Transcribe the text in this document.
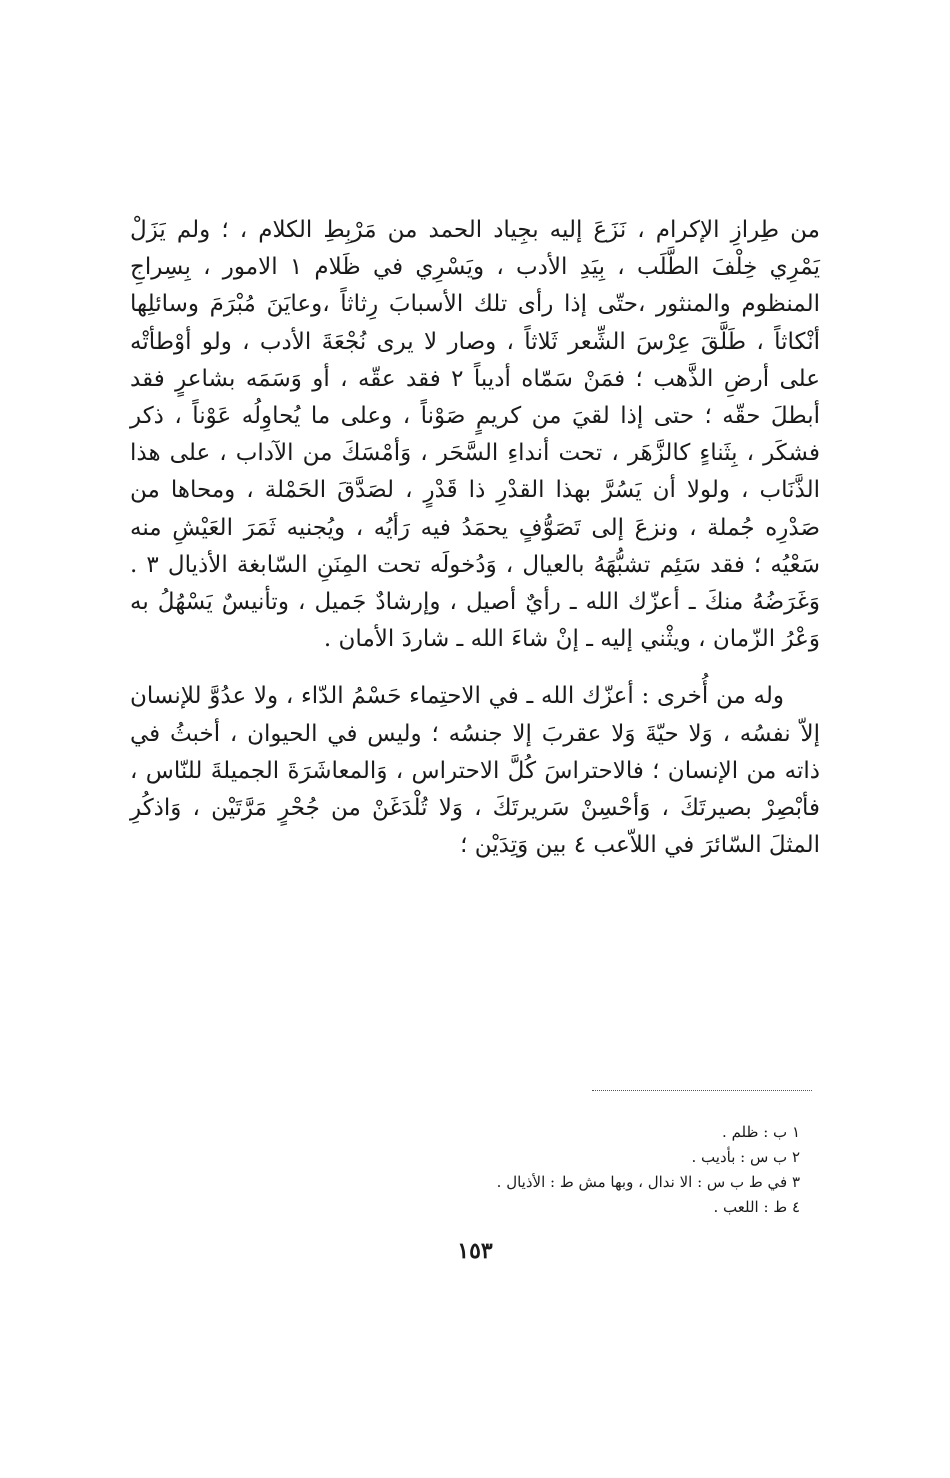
من طِرازِ الإكرام ، نَزَعَ إليه بجِياد الحمد من مَرْبِطِ الكلام ، ؛ ولم يَزَلْ يَمْرِي خِلْفَ الطَّلَب ، بِيَدِ الأدب ، ويَسْرِي في ظَلام ١ الامور ، بِسِراجِ المنظوم والمنثور ،حتّى إذا رأى تلك الأسبابَ رِثاثاً ،وعايَنَ مُبْرَمَ وسائلِها أنْكاثاً ، طَلَّقَ عِرْسَ الشِّعر ثَلاثاً ، وصار لا يرى نُجْعَةَ الأدب ، ولو أوْطأتْه على أرضِ الذَّهب ؛ فمَنْ سَمّاه أديباً ٢ فقد عقّه ، أو وَسَمَه بشاعرٍ فقد أبطلَ حقّه ؛ حتى إذا لقيَ من كريمٍ صَوْناً ، وعلى ما يُحاوِلُه عَوْناً ، ذكر فشكَر ، بِثَناءٍ كالزَّهَر ، تحت أنداءِ السَّحَر ، وَأمْسَكَ من الآداب ، على هذا الذَّنَاب ، ولولا أن يَسُرَّ بهذا القدْرِ ذا قَدْرٍ ، لصَدَّقَ الحَمْلة ، ومحاها من صَدْرِه جُملة ، ونزعَ إلى تَصَوُّفٍ يحمَدُ فيه رَأيُه ، ويُجنيه ثَمَرَ العَيْشِ منه سَعْيُه ؛ فقد سَئِم تشبُّهَهُ بالعيال ، وَدُخولَه تحت المِنَنِ السّابغة الأذيال ٣ . وَغَرَضُهُ منكَ ـ أعزّك الله ـ رأيٌ أصيل ، وإرشادٌ جَميل ، وتأنيسٌ يَسْهُلُ به وَعْرُ الزّمان ، ويثْني إليه ـ إنْ شاءَ الله ـ شاردَ الأمان .

وله من أُخرى : أعزّك الله ـ في الاحتِماء حَسْمُ الدّاء ، ولا عدُوَّ للإنسان إلاّ نفسُه ، وَلا حيّةَ وَلا عقربَ إلا جنسُه ؛ وليس في الحيوان ، أخبثُ في ذاته من الإنسان ؛ فالاحتراسَ كُلَّ الاحتراس ، وَالمعاشَرَةَ الجميلةَ للنّاس ، فأبْصِرْ بصيرتَكَ ، وَأحْسِنْ سَريرتَكَ ، وَلا تُلْدَغَنْ من جُحْرٍ مَرَّتَيْن ، وَاذكُرِ المثلَ السّائرَ في اللاّعب ٤ بين وَتِدَيْن ؛

١ ب : ظلم .

٢ ب س : بأديب .

٣ في ط ب س : الا ندال ، وبها مش ط : الأذيال .

٤ ط : اللعب .

١٥٣
